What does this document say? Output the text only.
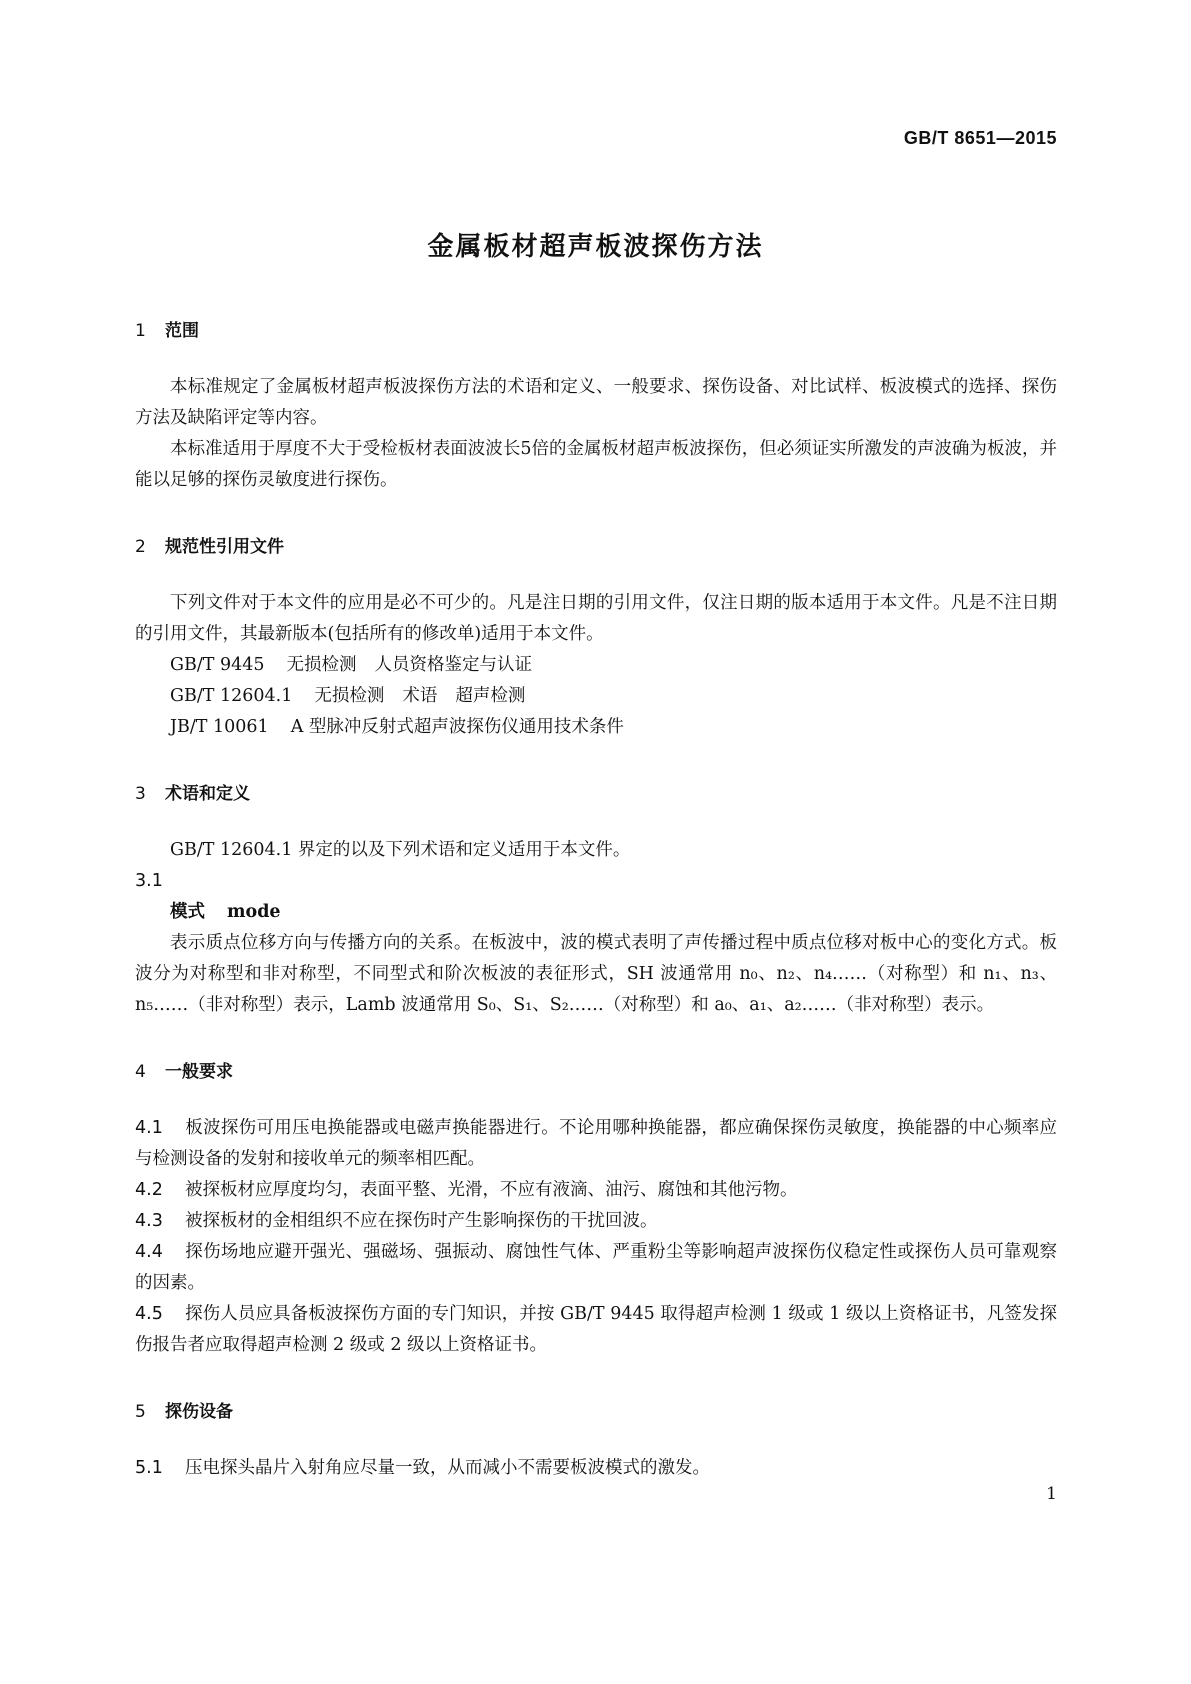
GB/T 8651—2015
金属板材超声板波探伤方法
1 范围

本标准规定了金属板材超声板波探伤方法的术语和定义、一般要求、探伤设备、对比试样、板波模式的选择、探伤方法及缺陷评定等内容。

本标准适用于厚度不大于受检板材表面波波长5倍的金属板材超声板波探伤，但必须证实所激发的声波确为板波，并能以足够的探伤灵敏度进行探伤。

2 规范性引用文件

下列文件对于本文件的应用是必不可少的。凡是注日期的引用文件，仅注日期的版本适用于本文件。凡是不注日期的引用文件，其最新版本(包括所有的修改单)适用于本文件。

GB/T 9445 无损检测 人员资格鉴定与认证

GB/T 12604.1 无损检测 术语 超声检测

JB/T 10061 A 型脉冲反射式超声波探伤仪通用技术条件

3 术语和定义

GB/T 12604.1 界定的以及下列术语和定义适用于本文件。

3.1

模式 mode

表示质点位移方向与传播方向的关系。在板波中，波的模式表明了声传播过程中质点位移对板中心的变化方式。板波分为对称型和非对称型，不同型式和阶次板波的表征形式，SH 波通常用 n₀、n₂、n₄……（对称型）和 n₁、n₃、n₅……（非对称型）表示，Lamb 波通常用 S₀、S₁、S₂……（对称型）和 a₀、a₁、a₂……（非对称型）表示。

4 一般要求

4.1 板波探伤可用压电换能器或电磁声换能器进行。不论用哪种换能器，都应确保探伤灵敏度，换能器的中心频率应与检测设备的发射和接收单元的频率相匹配。

4.2 被探板材应厚度均匀，表面平整、光滑，不应有液滴、油污、腐蚀和其他污物。

4.3 被探板材的金相组织不应在探伤时产生影响探伤的干扰回波。

4.4 探伤场地应避开强光、强磁场、强振动、腐蚀性气体、严重粉尘等影响超声波探伤仪稳定性或探伤人员可靠观察的因素。

4.5 探伤人员应具备板波探伤方面的专门知识，并按 GB/T 9445 取得超声检测 1 级或 1 级以上资格证书，凡签发探伤报告者应取得超声检测 2 级或 2 级以上资格证书。

5 探伤设备

5.1 压电探头晶片入射角应尽量一致，从而减小不需要板波模式的激发。

1
